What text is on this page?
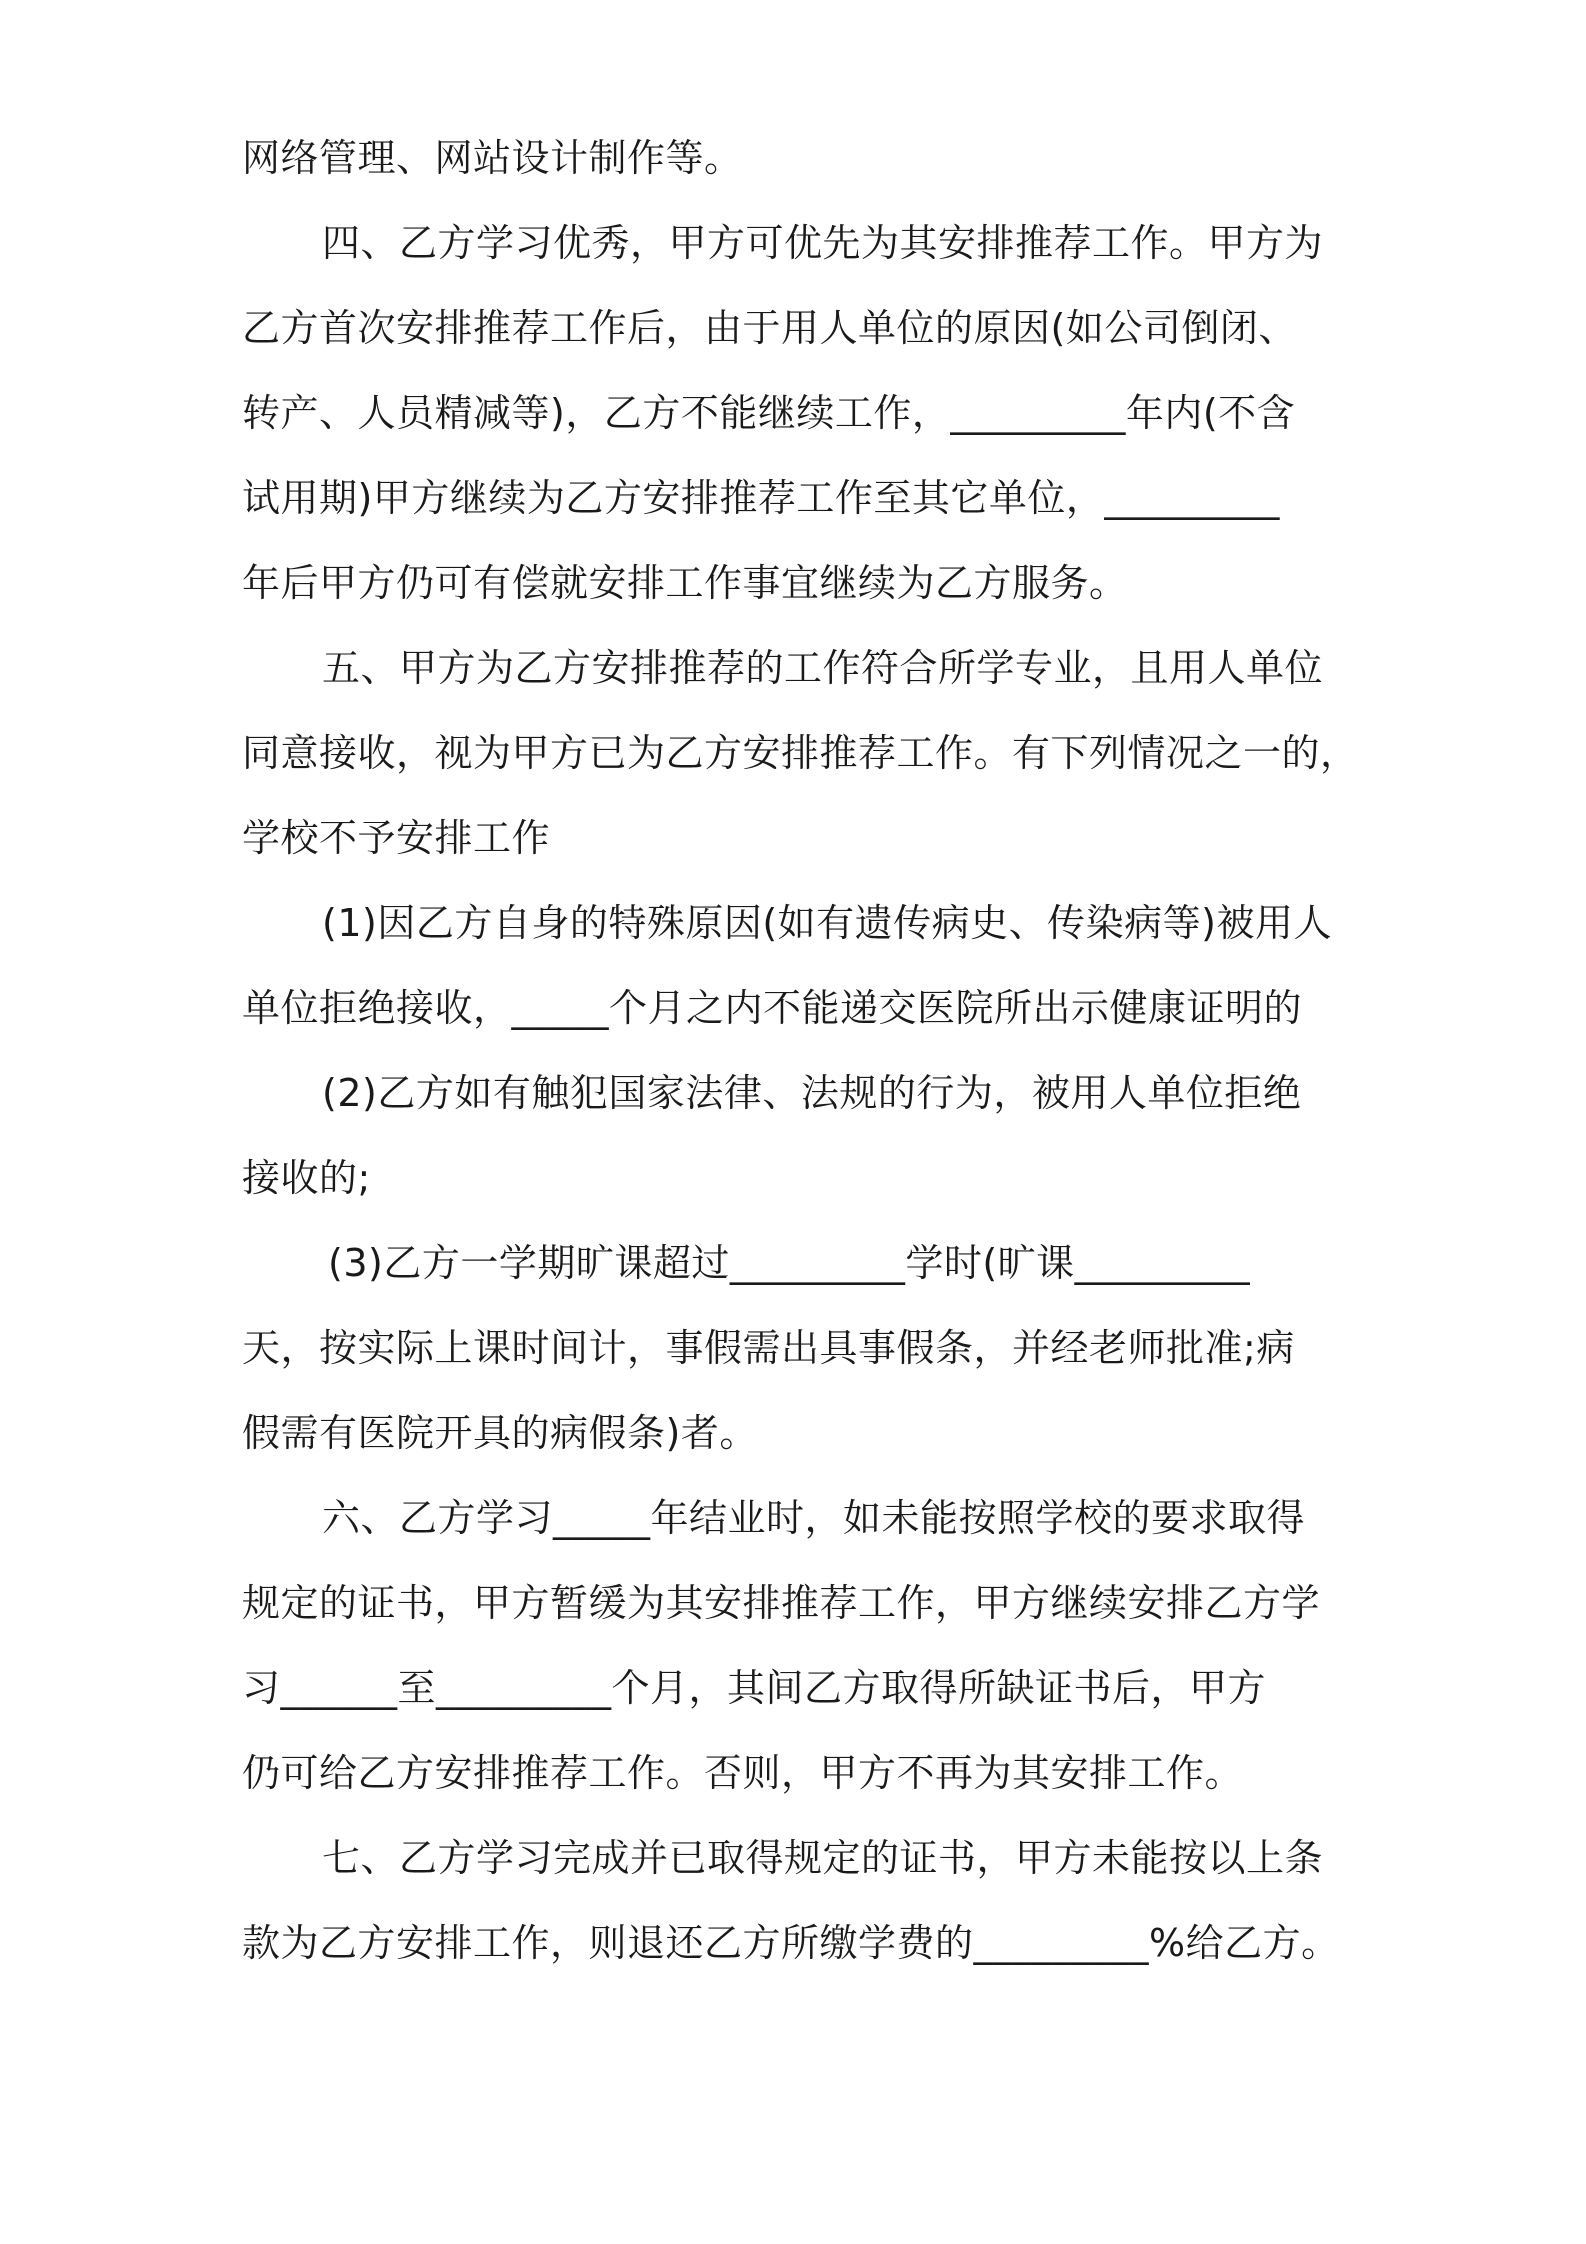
网络管理、网站设计制作等。
四、乙方学习优秀，甲方可优先为其安排推荐工作。甲方为
乙方首次安排推荐工作后，由于用人单位的原因(如公司倒闭、
转产、人员精减等)，乙方不能继续工作，_________年内(不含
试用期)甲方继续为乙方安排推荐工作至其它单位，_________
年后甲方仍可有偿就安排工作事宜继续为乙方服务。
五、甲方为乙方安排推荐的工作符合所学专业，且用人单位
同意接收，视为甲方已为乙方安排推荐工作。有下列情况之一的，
学校不予安排工作
(1)因乙方自身的特殊原因(如有遗传病史、传染病等)被用人
单位拒绝接收，_____个月之内不能递交医院所出示健康证明的
(2)乙方如有触犯国家法律、法规的行为，被用人单位拒绝
接收的;
(3)乙方一学期旷课超过_________学时(旷课_________
天，按实际上课时间计，事假需出具事假条，并经老师批准;病
假需有医院开具的病假条)者。
六、乙方学习_____年结业时，如未能按照学校的要求取得
规定的证书，甲方暂缓为其安排推荐工作，甲方继续安排乙方学
习______至_________个月，其间乙方取得所缺证书后，甲方
仍可给乙方安排推荐工作。否则，甲方不再为其安排工作。
七、乙方学习完成并已取得规定的证书，甲方未能按以上条
款为乙方安排工作，则退还乙方所缴学费的_________%给乙方。
